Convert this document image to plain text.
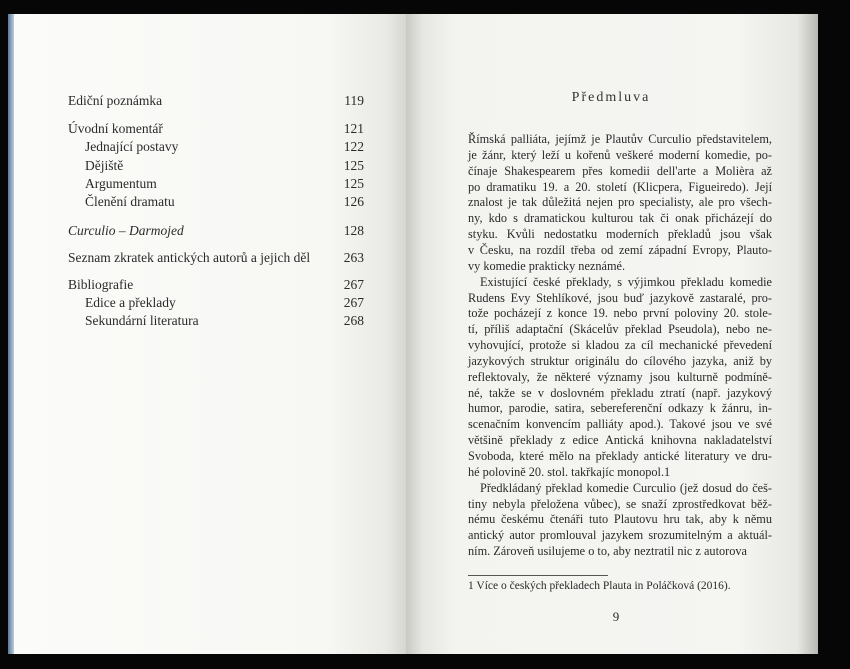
Ediční poznámka	119
Úvodní komentář	121
Jednající postavy	122
Dějiště	125
Argumentum	125
Členění dramatu	126
Curculio – Darmojed	128
Seznam zkratek antických autorů a jejich děl 263
Bibliografie	267
Edice a překlady	267
Sekundární literatura	268
Předmluva
Římská palliáta, jejímž je Plautův Curculio představitelem,
je žánr, který leží u kořenů veškeré moderní komedie, po-
čínaje Shakespearem přes komedii dell'arte a Molièra až
po dramatiku 19. a 20. století (Klicpera, Figueiredo). Její
znalost je tak důležitá nejen pro specialisty, ale pro všech-
ny, kdo s dramatickou kulturou tak či onak přicházejí do
styku. Kvůli nedostatku moderních překladů jsou však
v Česku, na rozdíl třeba od zemí západní Evropy, Plauto-
vy komedie prakticky neznámé.
Existující české překlady, s výjimkou překladu komedie
Rudens Evy Stehlíkové, jsou buď jazykově zastaralé, pro-
tože pocházejí z konce 19. nebo první poloviny 20. stole-
tí, příliš adaptační (Skácelův překlad Pseudola), nebo ne-
vyhovující, protože si kladou za cíl mechanické převedení
jazykových struktur originálu do cílového jazyka, aniž by
reflektovaly, že některé významy jsou kulturně podmíně-
né, takže se v doslovném překladu ztratí (např. jazykový
humor, parodie, satira, sebereferenční odkazy k žánru, in-
scenačním konvencím palliáty apod.). Takové jsou ve své
většině překlady z edice Antická knihovna nakladatelství
Svoboda, které mělo na překlady antické literatury ve dru-
hé polovině 20. stol. takřkajíc monopol.1
Předkládaný překlad komedie Curculio (jež dosud do češ-
tiny nebyla přeložena vůbec), se snaží zprostředkovat běž-
nému českému čtenáři tuto Plautovu hru tak, aby k němu
antický autor promlouval jazykem srozumitelným a aktuál-
ním. Zároveň usilujeme o to, aby neztratil nic z autorova
1 Více o českých překladech Plauta in Poláčková (2016).
9
